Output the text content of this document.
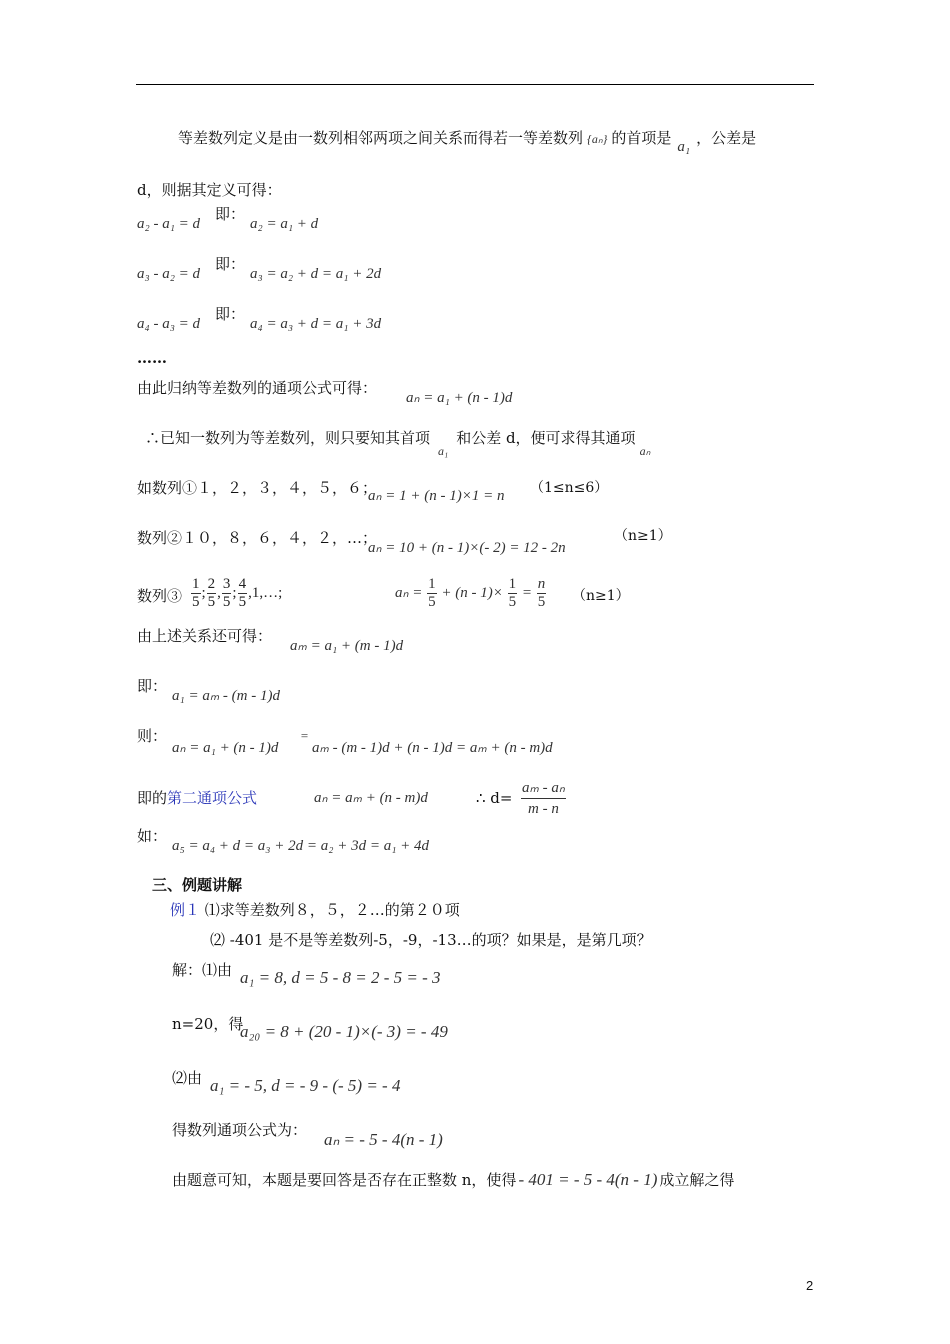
等差数列定义是由一数列相邻两项之间关系而得若一等差数列 {aₙ} 的首项是 a₁ ，公差是
d，则据其定义可得：
a₂ - a₁ = d
即：
a₂ = a₁ + d
a₃ - a₂ = d
即：
a₃ = a₂ + d = a₁ + 2d
a₄ - a₃ = d
即：
a₄ = a₃ + d = a₁ + 3d
……
由此归纳等差数列的通项公式可得：
aₙ = a₁ + (n - 1)d
∴已知一数列为等差数列，则只要知其首项$_{a_1}$和公差 d，便可求得其通项$_{a_n}$
如数列①１，２，３，４，５，６；
aₙ = 1 + (n - 1)×1 = n （1≤n≤6）
数列②１０，８，６，４，２，…；
aₙ = 10 + (n - 1)×(- 2) = 12 - 2n
（n≥1）
数列③ $\frac{1}{5}$ ; $\frac{2}{5}$ , $\frac{3}{5}$ ; $\frac{4}{5}$ ,1,…;	$a_n = \frac{1}{5} + (n - 1)\times \frac{1}{5} = \frac{n}{5} (n\ge 1)$
由上述关系还可得：
aₘ = a₁ + (m - 1)d
即：
a₁ = aₘ - (m - 1)d
则：
aₙ = a₁ + (n - 1)d
=
aₘ - (m - 1)d + (n - 1)d = aₘ + (n - m)d
即的第二通项公式	aₙ = aₘ + (n - m)d	∴ $d= \frac{\text{aₘ - aₙ}}{m - n}$
如：
a₅ = a₄ + d = a₃ + 2d = a₂ + 3d = a₁ + 4d
三、例题讲解
例１ ⑴求等差数列８，５，２…的第２０项
⑵ -401 是不是等差数列-5，-9，-13…的项？如果是，是第几项？
解：⑴由 a₁ = 8, d = 5 - 8 = 2 - 5 = - 3
n=20，得
a₂₀ = 8 + (20 - 1)×(- 3) = - 49
⑵由 a₁ = - 5, d = - 9 - (- 5) = - 4
得数列通项公式为： aₙ = - 5 - 4(n - 1)
由题意可知，本题是要回答是否存在正整数 n，使得 - 401 = - 5 - 4(n - 1) 成立解之得
2
